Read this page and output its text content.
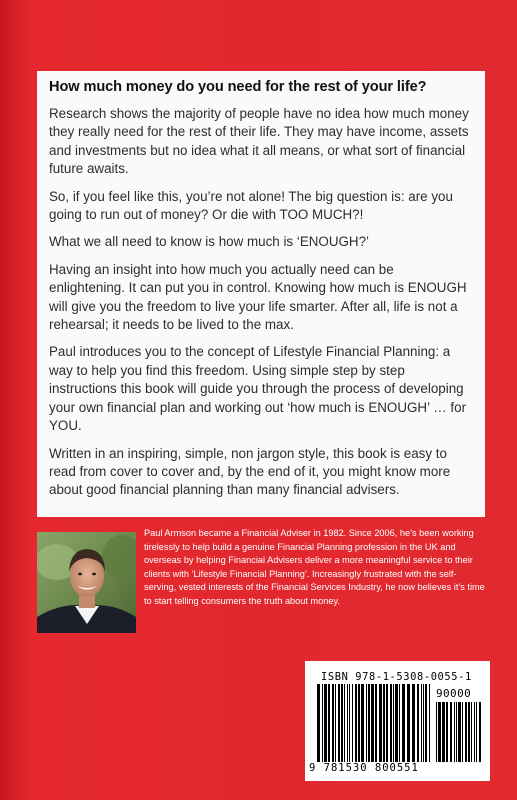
How much money do you need for the rest of your life?

Research shows the majority of people have no idea how much money they really need for the rest of their life. They may have income, assets and investments but no idea what it all means, or what sort of financial future awaits.

So, if you feel like this, you’re not alone! The big question is: are you going to run out of money? Or die with TOO MUCH?!

What we all need to know is how much is ‘ENOUGH?’

Having an insight into how much you actually need can be enlightening. It can put you in control. Knowing how much is ENOUGH will give you the freedom to live your life smarter. After all, life is not a rehearsal; it needs to be lived to the max.

Paul introduces you to the concept of Lifestyle Financial Planning: a way to help you find this freedom. Using simple step by step instructions this book will guide you through the process of developing your own financial plan and working out ‘how much is ENOUGH’ … for YOU.

Written in an inspiring, simple, non jargon style, this book is easy to read from cover to cover and, by the end of it, you might know more about good financial planning than many financial advisers.

Paul Armson became a Financial Adviser in 1982. Since 2006, he’s been working tirelessly to help build a genuine Financial Planning profession in the UK and overseas by helping Financial Advisers deliver a more meaningful service to their clients with ‘Lifestyle Financial Planning’. Increasingly frustrated with the self-serving, vested interests of the Financial Services Industry, he now believes it’s time to start telling consumers the truth about money.

ISBN 978-1-5308-0055-1
90000
9 781530 800551
